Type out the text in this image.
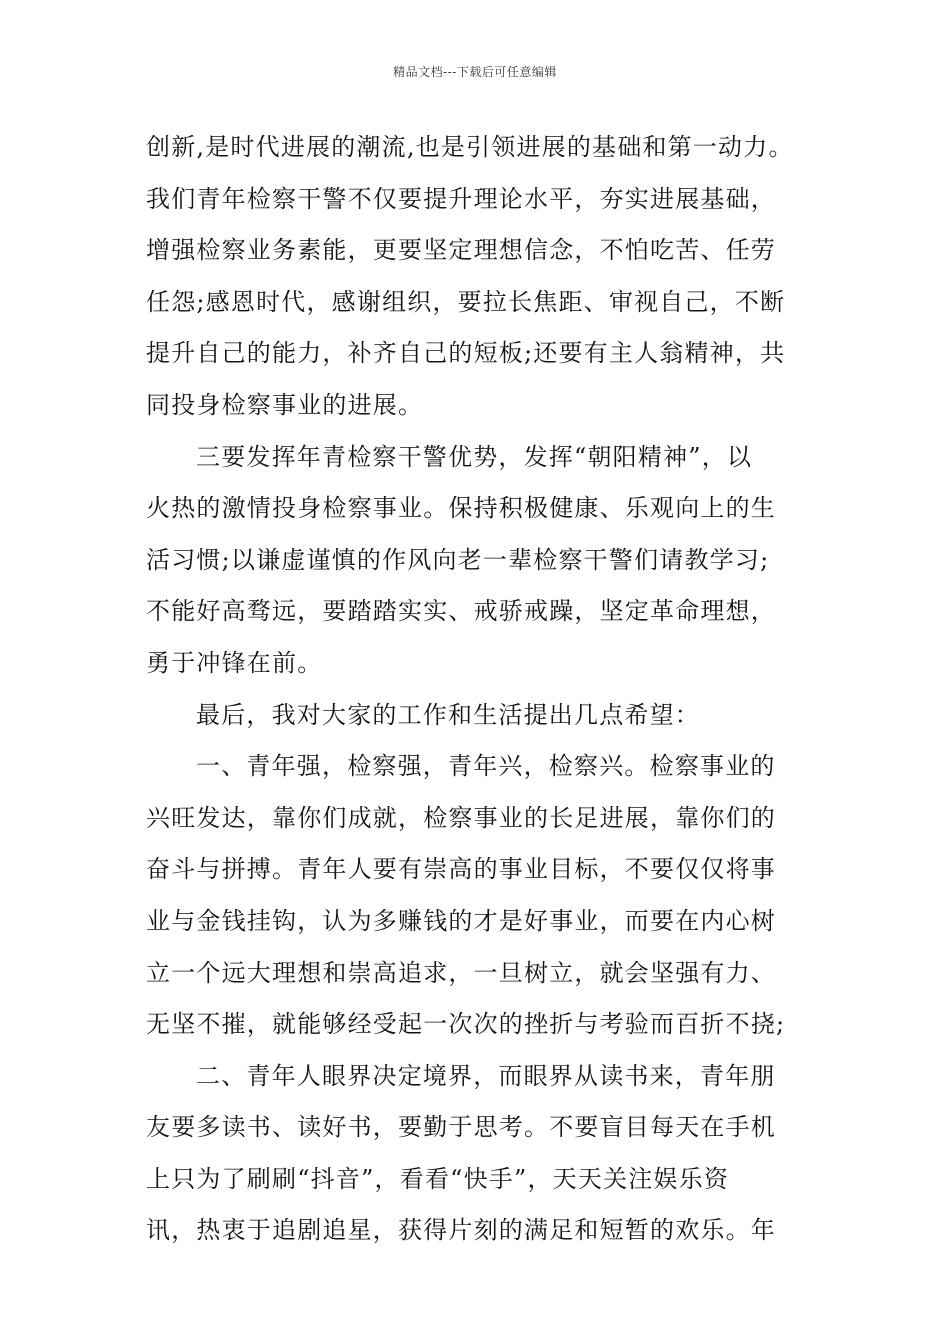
精品文档---下载后可任意编辑
创新,是时代进展的潮流,也是引领进展的基础和第一动力。
我们青年检察干警不仅要提升理论水平，夯实进展基础，
增强检察业务素能，更要坚定理想信念，不怕吃苦、任劳
任怨;感恩时代，感谢组织，要拉长焦距、审视自己，不断
提升自己的能力，补齐自己的短板;还要有主人翁精神，共
同投身检察事业的进展。
三要发挥年青检察干警优势，发挥“朝阳精神”，以
火热的激情投身检察事业。保持积极健康、乐观向上的生
活习惯;以谦虚谨慎的作风向老一辈检察干警们请教学习;
不能好高骛远，要踏踏实实、戒骄戒躁，坚定革命理想，
勇于冲锋在前。
最后，我对大家的工作和生活提出几点希望：
一、青年强，检察强，青年兴，检察兴。检察事业的
兴旺发达，靠你们成就，检察事业的长足进展，靠你们的
奋斗与拼搏。青年人要有崇高的事业目标，不要仅仅将事
业与金钱挂钩，认为多赚钱的才是好事业，而要在内心树
立一个远大理想和崇高追求，一旦树立，就会坚强有力、
无坚不摧，就能够经受起一次次的挫折与考验而百折不挠;
二、青年人眼界决定境界，而眼界从读书来，青年朋
友要多读书、读好书，要勤于思考。不要盲目每天在手机
上只为了刷刷“抖音”，看看“快手”，天天关注娱乐资
讯，热衷于追剧追星，获得片刻的满足和短暂的欢乐。年
